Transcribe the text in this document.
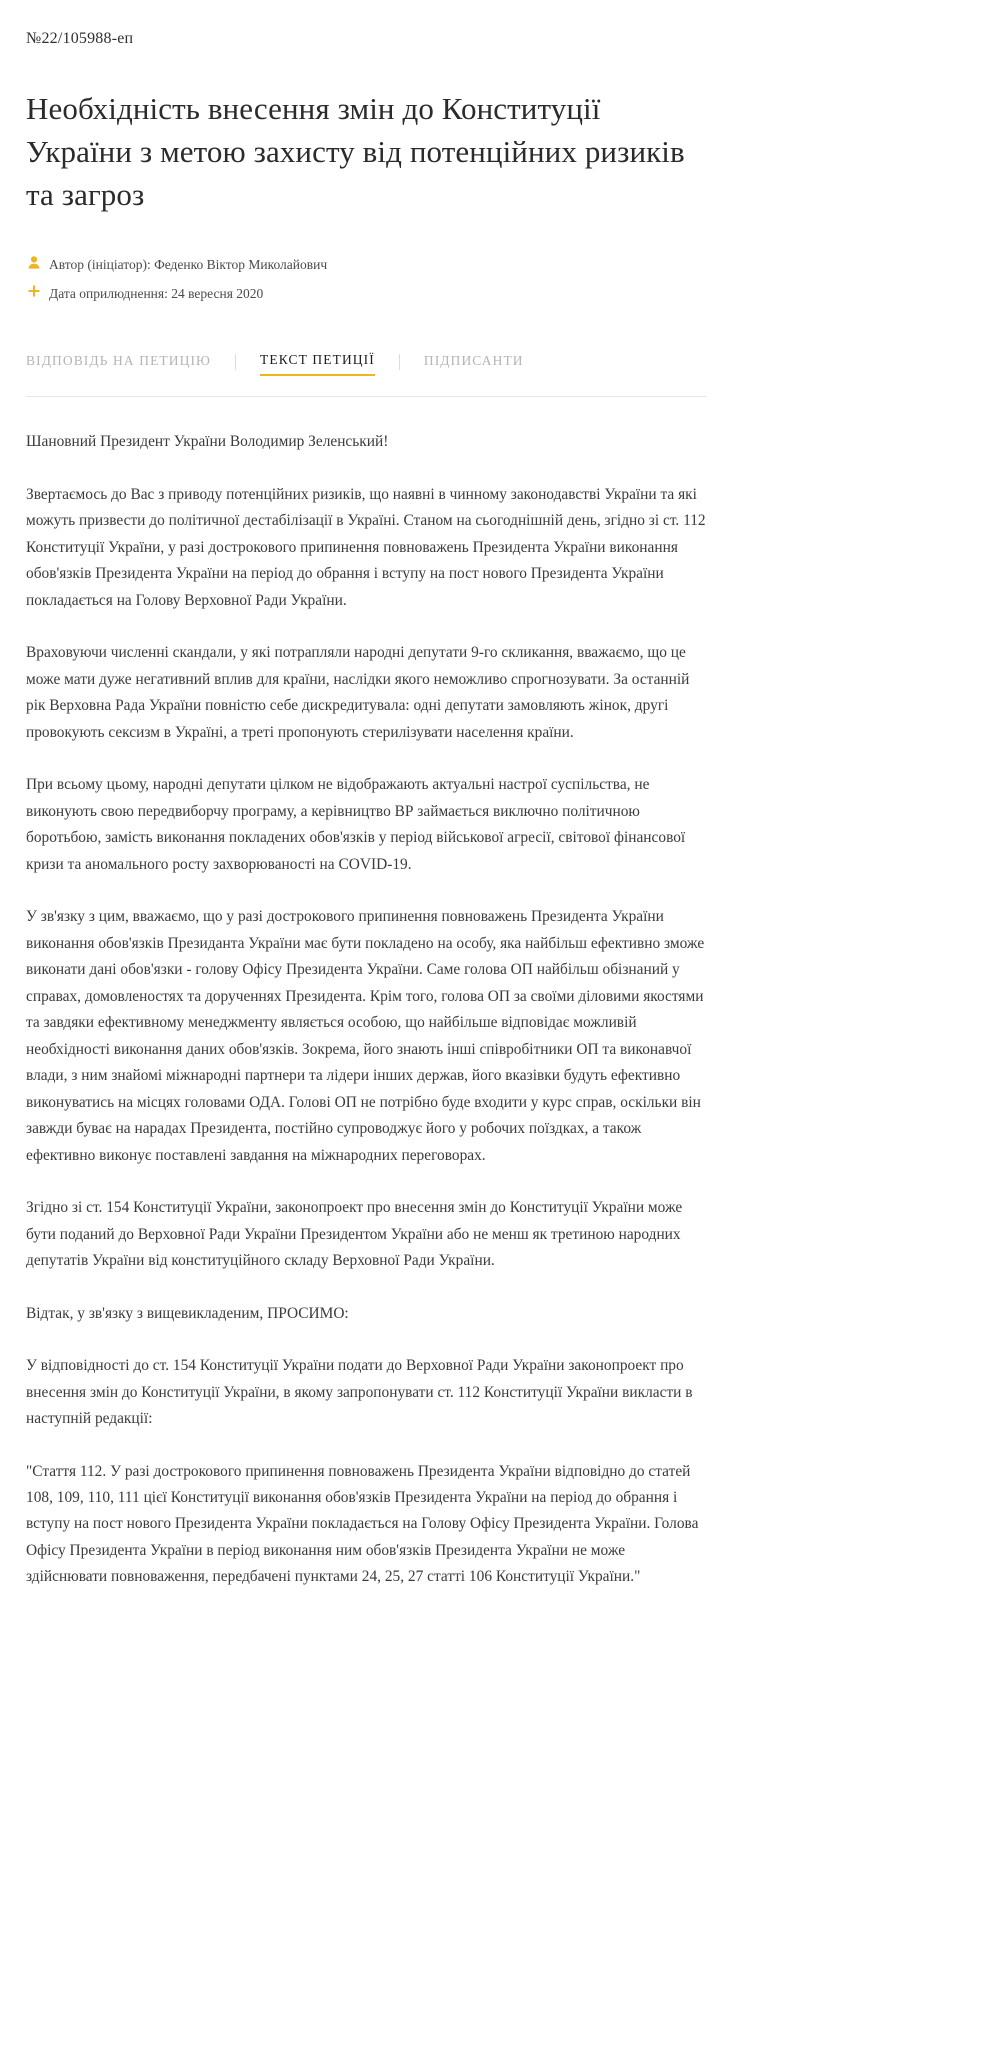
№22/105988-еп
Необхідність внесення змін до Конституції України з метою захисту від потенційних ризиків та загроз
Автор (ініціатор): Феденко Віктор Миколайович
Дата оприлюднення: 24 вересня 2020
ВІДПОВІДЬ НА ПЕТИЦІЮ	ТЕКСТ ПЕТИЦІЇ	ПІДПИСАНТИ

Шановний Президент України Володимир Зеленський!

Звертаємось до Вас з приводу потенційних ризиків, що наявні в чинному законодавстві України та які можуть призвести до політичної дестабілізації в Україні. Станом на сьогоднішній день, згідно зі ст. 112 Конституції України, у разі дострокового припинення повноважень Президента України виконання обов'язків Президента України на період до обрання і вступу на пост нового Президента України покладається на Голову Верховної Ради України.

Враховуючи численні скандали, у які потрапляли народні депутати 9-го скликання, вважаємо, що це може мати дуже негативний вплив для країни, наслідки якого неможливо спрогнозувати. За останній рік Верховна Рада України повністю себе дискредитувала: одні депутати замовляють жінок, другі провокують сексизм в Україні, а треті пропонують стерилізувати населення країни.

При всьому цьому, народні депутати цілком не відображають актуальні настрої суспільства, не виконують свою передвиборчу програму, а керівництво ВР займається виключно політичною боротьбою, замість виконання покладених обов'язків у період військової агресії, світової фінансової кризи та аномального росту захворюваності на COVID-19.

У зв'язку з цим, вважаємо, що у разі дострокового припинення повноважень Президента України виконання обов'язків Президанта України має бути покладено на особу, яка найбільш ефективно зможе виконати дані обов'язки - голову Офісу Президента України. Саме голова ОП найбільш обізнаний у справах, домовленостях та дорученнях Президента. Крім того, голова ОП за своїми діловими якостями та завдяки ефективному менеджменту являється особою, що найбільше відповідає можливій необхідності виконання даних обов'язків. Зокрема, його знають інші співробітники ОП та виконавчої влади, з ним знайомі міжнародні партнери та лідери інших держав, його вказівки будуть ефективно виконуватись на місцях головами ОДА. Голові ОП не потрібно буде входити у курс справ, оскільки він завжди буває на нарадах Президента, постійно супроводжує його у робочих поїздках, а також ефективно виконує поставлені завдання на міжнародних переговорах.

Згідно зі ст. 154 Конституції України, законопроект про внесення змін до Конституції України може бути поданий до Верховної Ради України Президентом України або не менш як третиною народних депутатів України від конституційного складу Верховної Ради України.

Відтак, у зв'язку з вищевикладеним, ПРОСИМО:

У відповідності до ст. 154 Конституції України подати до Верховної Ради України законопроект про внесення змін до Конституції України, в якому запропонувати ст. 112 Конституції України викласти в наступній редакції:

"Стаття 112. У разі дострокового припинення повноважень Президента України відповідно до статей 108, 109, 110, 111 цієї Конституції виконання обов'язків Президента України на період до обрання і вступу на пост нового Президента України покладається на Голову Офісу Президента України. Голова Офісу Президента України в період виконання ним обов'язків Президента України не може здійснювати повноваження, передбачені пунктами 24, 25, 27 статті 106 Конституції України."
